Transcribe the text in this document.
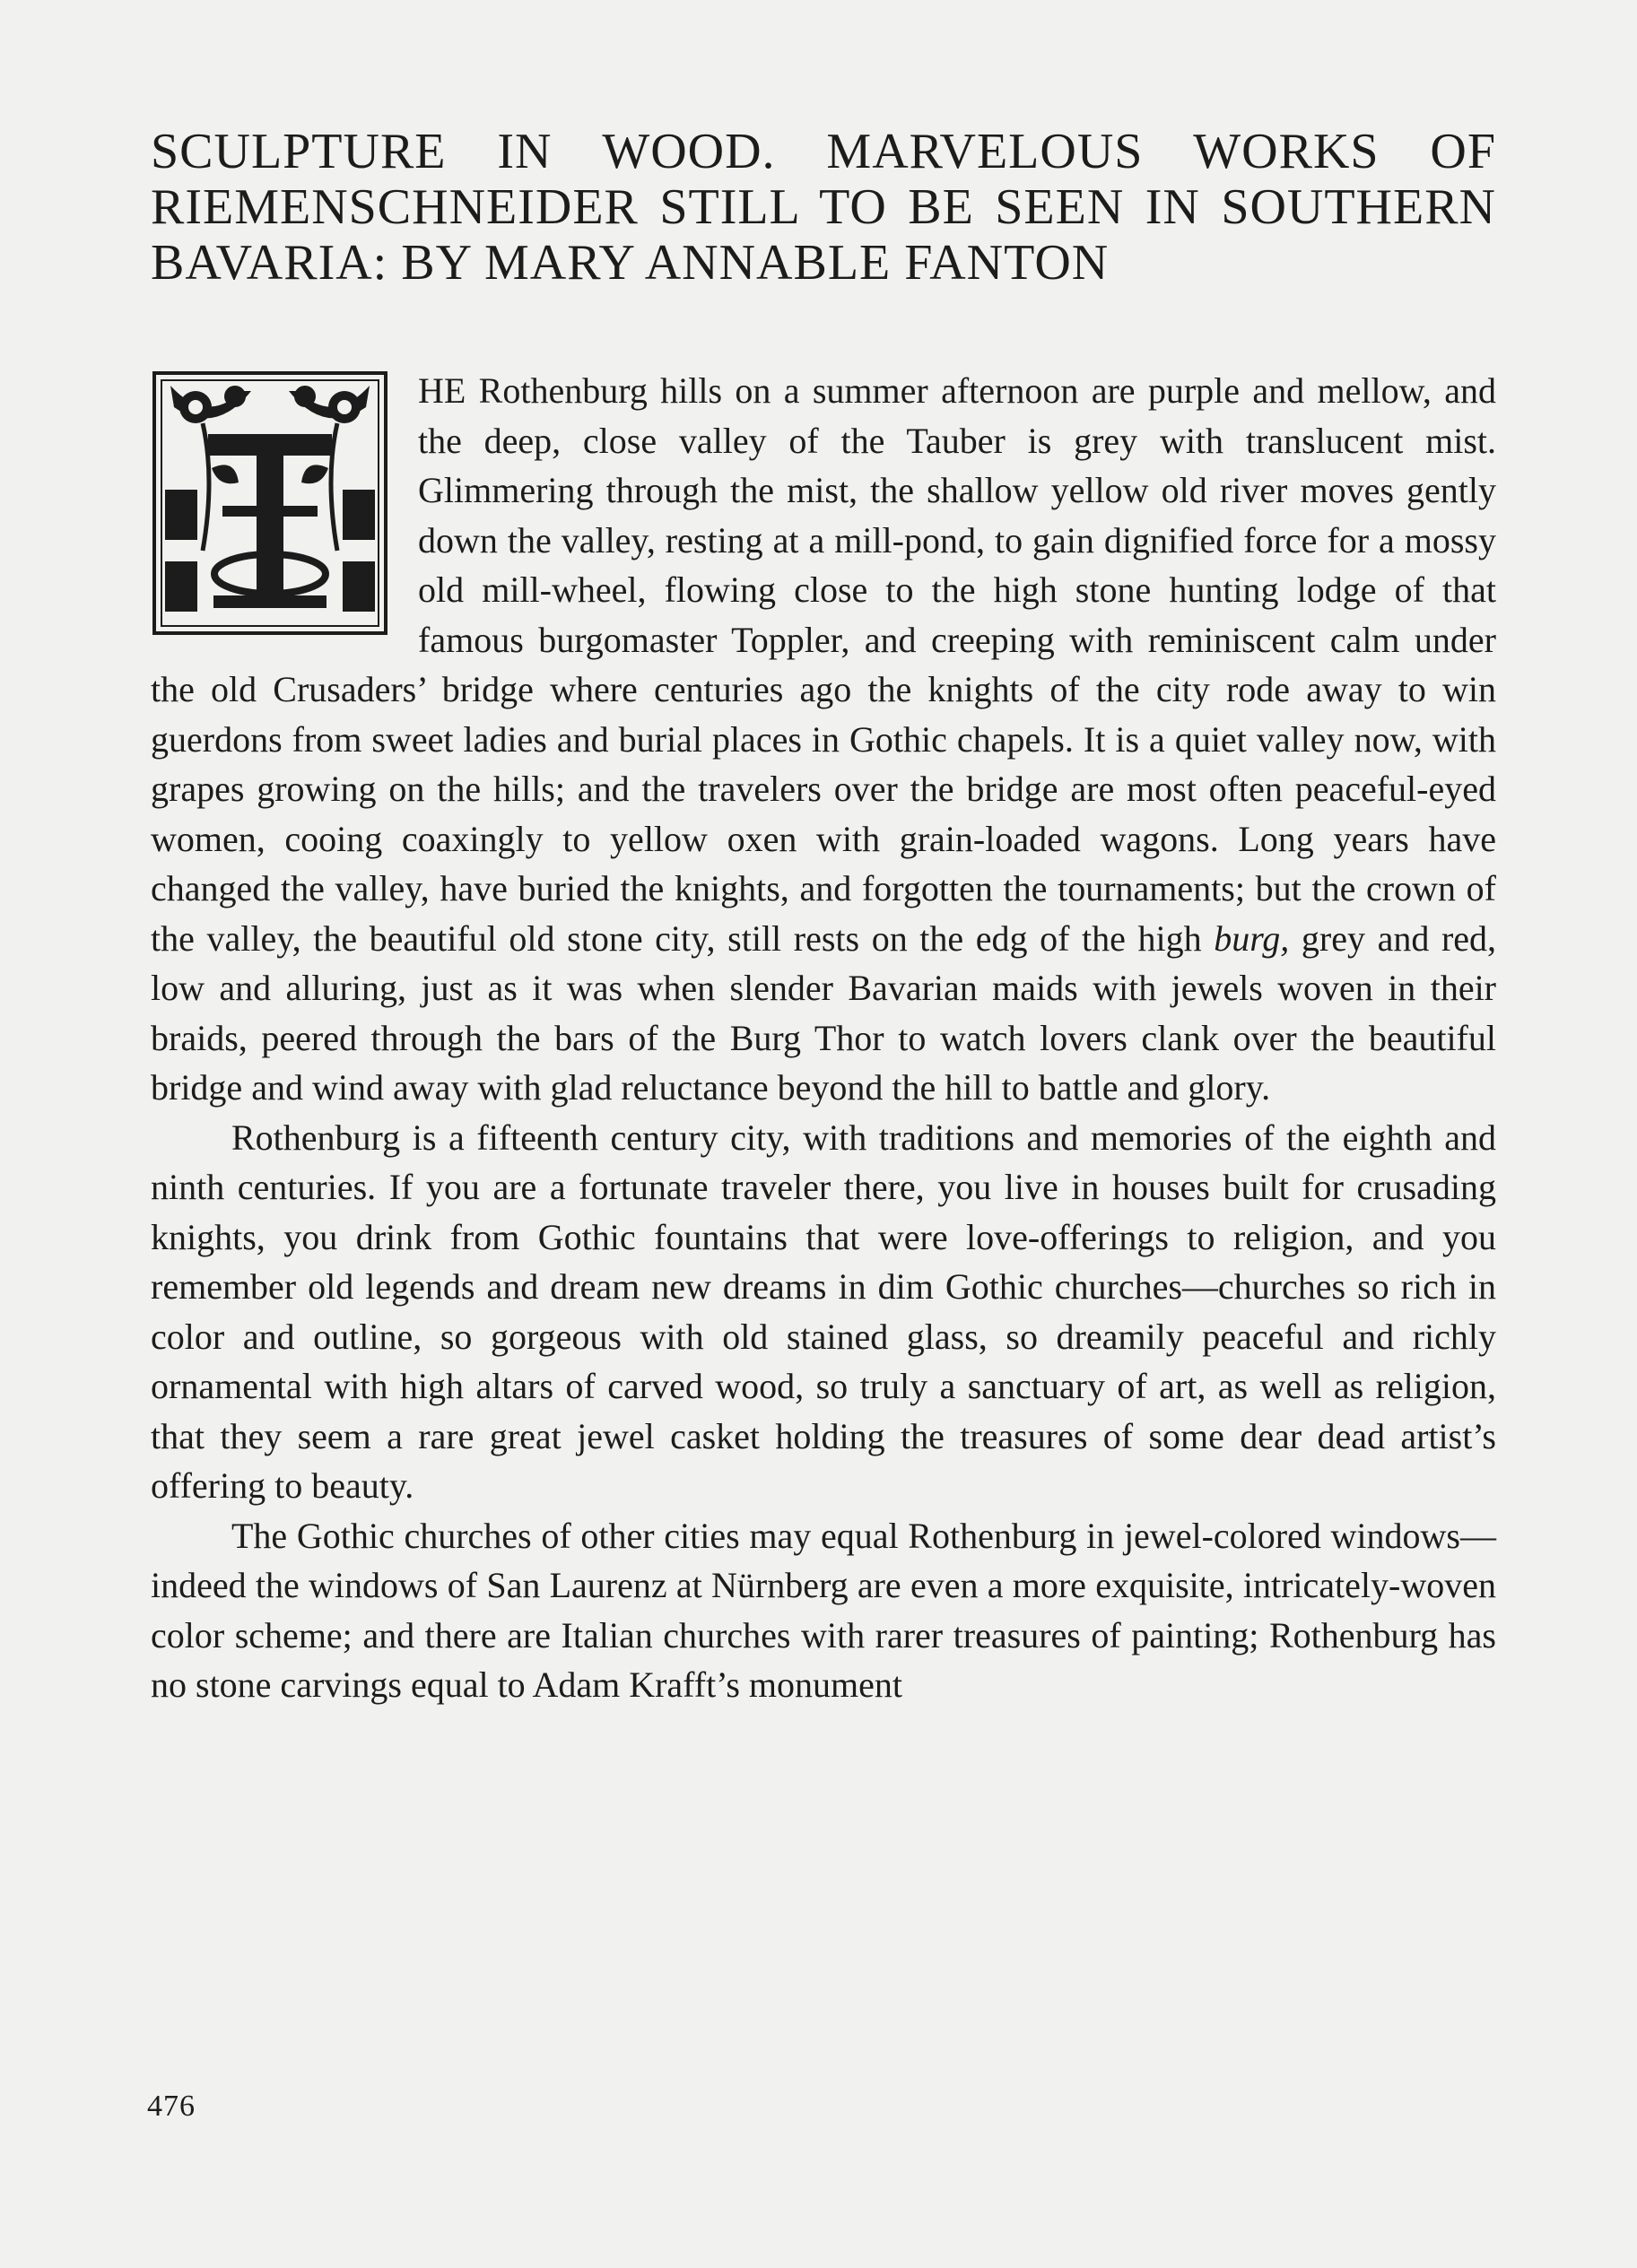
SCULPTURE IN WOOD. MARVELOUS WORKS OF RIEMENSCHNEIDER STILL TO BE SEEN IN SOUTHERN BAVARIA: BY MARY ANNABLE FANTON

HE Rothenburg hills on a summer afternoon are purple and mellow, and the deep, close valley of the Tauber is grey with translucent mist. Glimmering through the mist, the shallow yellow old river moves gently down the valley, resting at a mill-pond, to gain dignified force for a mossy old mill-wheel, flowing close to the high stone hunting lodge of that famous burgomaster Toppler, and creeping with reminiscent calm under the old Crusaders’ bridge where centuries ago the knights of the city rode away to win guerdons from sweet ladies and burial places in Gothic chapels. It is a quiet valley now, with grapes growing on the hills; and the travelers over the bridge are most often peaceful-eyed women, cooing coaxingly to yellow oxen with grain-loaded wagons. Long years have changed the valley, have buried the knights, and forgotten the tournaments; but the crown of the valley, the beautiful old stone city, still rests on the edg of the high burg, grey and red, low and alluring, just as it was when slender Bavarian maids with jewels woven in their braids, peered through the bars of the Burg Thor to watch lovers clank over the beautiful bridge and wind away with glad reluctance beyond the hill to battle and glory.

Rothenburg is a fifteenth century city, with traditions and memories of the eighth and ninth centuries. If you are a fortunate traveler there, you live in houses built for crusading knights, you drink from Gothic fountains that were love-offerings to religion, and you remember old legends and dream new dreams in dim Gothic churches—churches so rich in color and outline, so gorgeous with old stained glass, so dreamily peaceful and richly ornamental with high altars of carved wood, so truly a sanctuary of art, as well as religion, that they seem a rare great jewel casket holding the treasures of some dear dead artist’s offering to beauty.

The Gothic churches of other cities may equal Rothenburg in jewel-colored windows—indeed the windows of San Laurenz at Nürnberg are even a more exquisite, intricately-woven color scheme; and there are Italian churches with rarer treasures of painting; Rothenburg has no stone carvings equal to Adam Krafft’s monument

476
